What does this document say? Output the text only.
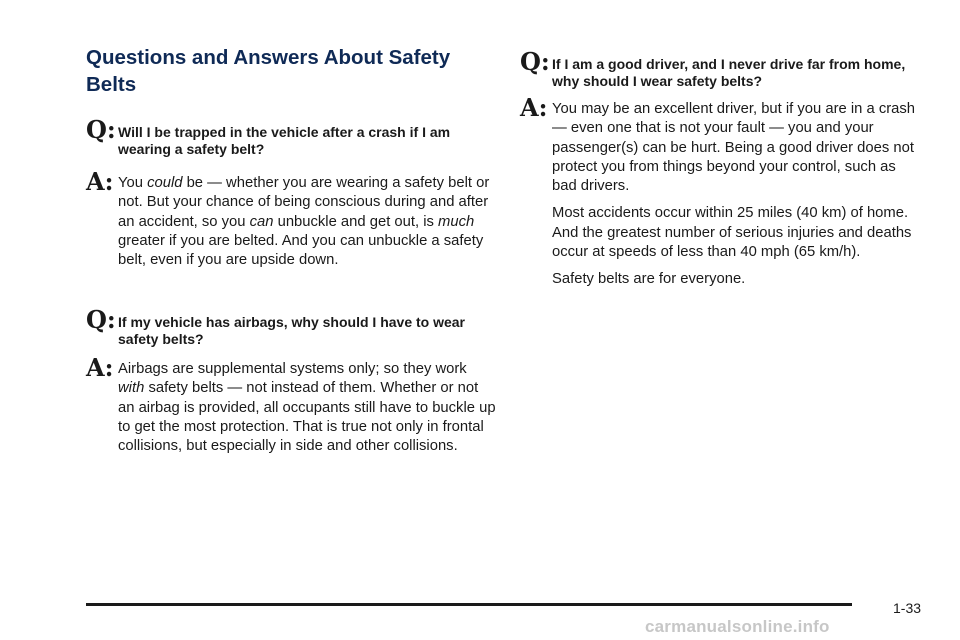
Questions and Answers About Safety Belts
Q: Will I be trapped in the vehicle after a crash if I am wearing a safety belt?
A: You could be — whether you are wearing a safety belt or not. But your chance of being conscious during and after an accident, so you can unbuckle and get out, is much greater if you are belted. And you can unbuckle a safety belt, even if you are upside down.
Q: If my vehicle has airbags, why should I have to wear safety belts?
A: Airbags are supplemental systems only; so they work with safety belts — not instead of them. Whether or not an airbag is provided, all occupants still have to buckle up to get the most protection. That is true not only in frontal collisions, but especially in side and other collisions.
Q: If I am a good driver, and I never drive far from home, why should I wear safety belts?
A: You may be an excellent driver, but if you are in a crash — even one that is not your fault — you and your passenger(s) can be hurt. Being a good driver does not protect you from things beyond your control, such as bad drivers.
Most accidents occur within 25 miles (40 km) of home. And the greatest number of serious injuries and deaths occur at speeds of less than 40 mph (65 km/h).
Safety belts are for everyone.
1-33
carmanualsonline.info
